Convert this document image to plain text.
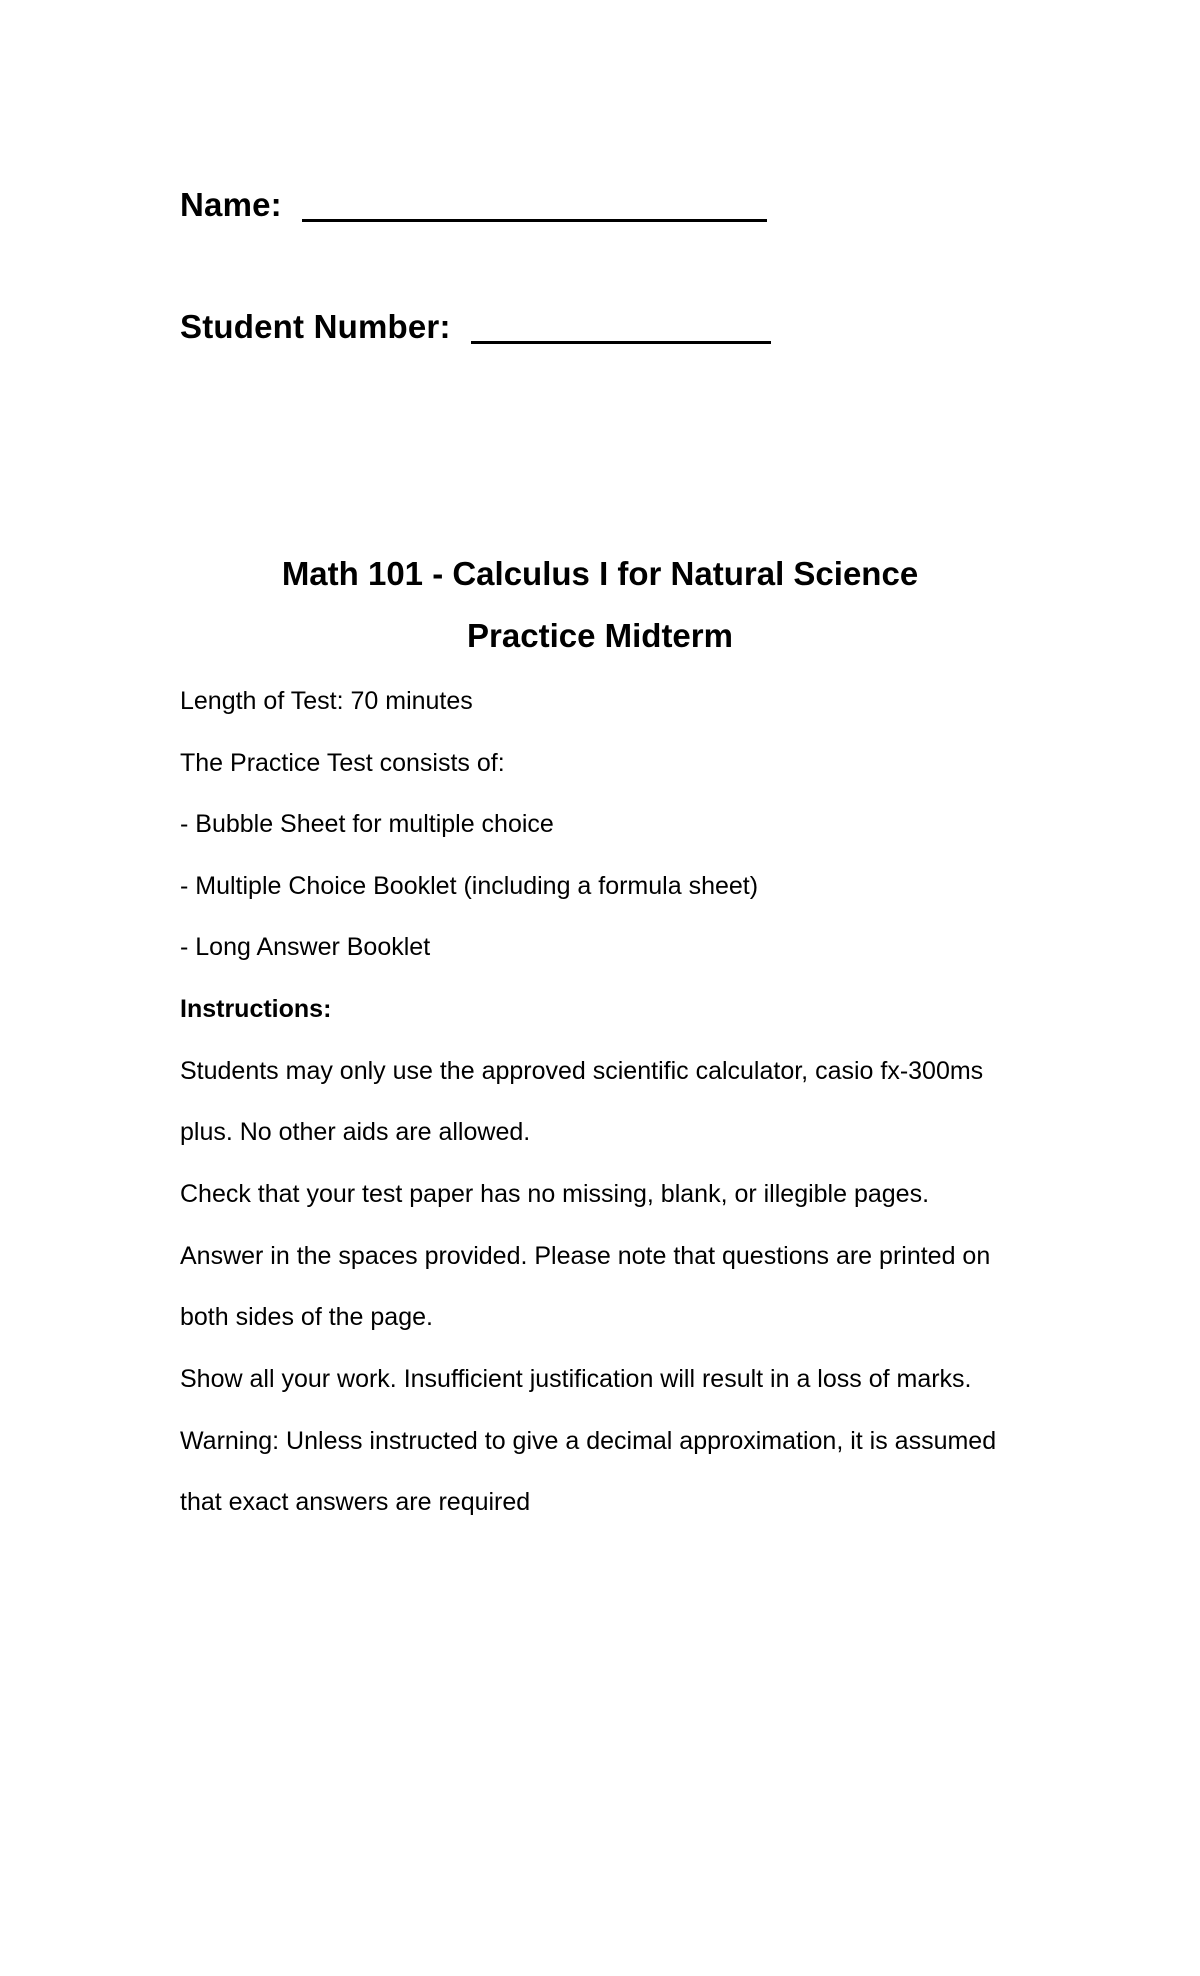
Name:
Student Number:
Math 101 - Calculus I for Natural Science
Practice Midterm
Length of Test: 70 minutes
The Practice Test consists of:
- Bubble Sheet for multiple choice
- Multiple Choice Booklet (including a formula sheet)
- Long Answer Booklet
Instructions:
Students may only use the approved scientific calculator, casio fx-300ms
plus. No other aids are allowed.
Check that your test paper has no missing, blank, or illegible pages.
Answer in the spaces provided. Please note that questions are printed on
both sides of the page.
Show all your work. Insufficient justification will result in a loss of marks.
Warning: Unless instructed to give a decimal approximation, it is assumed
that exact answers are required
